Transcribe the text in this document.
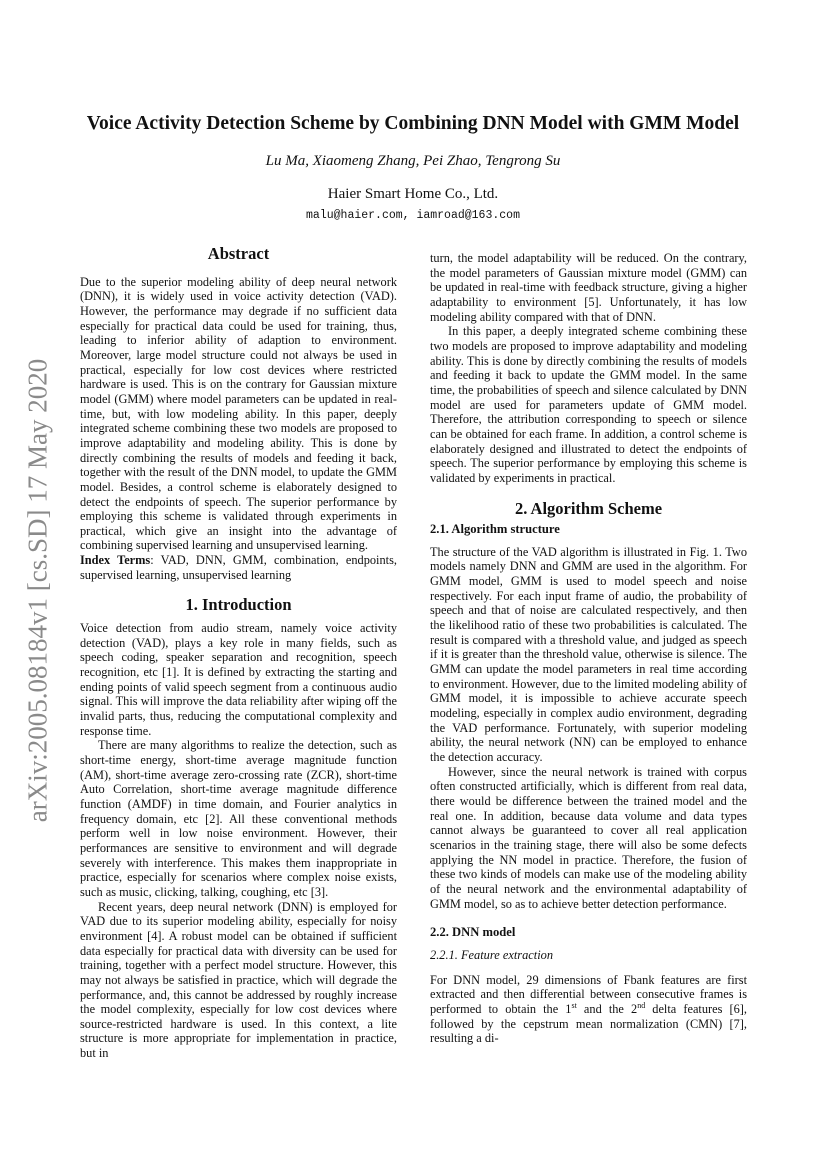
arXiv:2005.08184v1 [cs.SD] 17 May 2020
Voice Activity Detection Scheme by Combining DNN Model with GMM Model
Lu Ma, Xiaomeng Zhang, Pei Zhao, Tengrong Su
Haier Smart Home Co., Ltd.
malu@haier.com, iamroad@163.com
Abstract

Due to the superior modeling ability of deep neural network (DNN), it is widely used in voice activity detection (VAD). However, the performance may degrade if no sufficient data especially for practical data could be used for training, thus, leading to inferior ability of adaption to environment. Moreover, large model structure could not always be used in practical, especially for low cost devices where restricted hardware is used. This is on the contrary for Gaussian mixture model (GMM) where model parameters can be updated in real-time, but, with low modeling ability. In this paper, deeply integrated scheme combining these two models are proposed to improve adaptability and modeling ability. This is done by directly combining the results of models and feeding it back, together with the result of the DNN model, to update the GMM model. Besides, a control scheme is elaborately designed to detect the endpoints of speech. The superior performance by employing this scheme is validated through experiments in practical, which give an insight into the advantage of combining supervised learning and unsupervised learning.

Index Terms: VAD, DNN, GMM, combination, endpoints, supervised learning, unsupervised learning

1. Introduction

Voice detection from audio stream, namely voice activity detection (VAD), plays a key role in many fields, such as speech coding, speaker separation and recognition, speech recognition, etc [1]. It is defined by extracting the starting and ending points of valid speech segment from a continuous audio signal. This will improve the data reliability after wiping off the invalid parts, thus, reducing the computational complexity and response time.

There are many algorithms to realize the detection, such as short-time energy, short-time average magnitude function (AM), short-time average zero-crossing rate (ZCR), short-time Auto Correlation, short-time average magnitude difference function (AMDF) in time domain, and Fourier analytics in frequency domain, etc [2]. All these conventional methods perform well in low noise environment. However, their performances are sensitive to environment and will degrade severely with interference. This makes them inappropriate in practice, especially for scenarios where complex noise exists, such as music, clicking, talking, coughing, etc [3].

Recent years, deep neural network (DNN) is employed for VAD due to its superior modeling ability, especially for noisy environment [4]. A robust model can be obtained if sufficient data especially for practical data with diversity can be used for training, together with a perfect model structure. However, this may not always be satisfied in practice, which will degrade the performance, and, this cannot be addressed by roughly increase the model complexity, especially for low cost devices where source-restricted hardware is used. In this context, a lite structure is more appropriate for implementation in practice, but in

turn, the model adaptability will be reduced. On the contrary, the model parameters of Gaussian mixture model (GMM) can be updated in real-time with feedback structure, giving a higher adaptability to environment [5]. Unfortunately, it has low modeling ability compared with that of DNN.

In this paper, a deeply integrated scheme combining these two models are proposed to improve adaptability and modeling ability. This is done by directly combining the results of models and feeding it back to update the GMM model. In the same time, the probabilities of speech and silence calculated by DNN model are used for parameters update of GMM model. Therefore, the attribution corresponding to speech or silence can be obtained for each frame. In addition, a control scheme is elaborately designed and illustrated to detect the endpoints of speech. The superior performance by employing this scheme is validated by experiments in practical.

2. Algorithm Scheme
2.1. Algorithm structure

The structure of the VAD algorithm is illustrated in Fig. 1. Two models namely DNN and GMM are used in the algorithm. For GMM model, GMM is used to model speech and noise respectively. For each input frame of audio, the probability of speech and that of noise are calculated respectively, and then the likelihood ratio of these two probabilities is calculated. The result is compared with a threshold value, and judged as speech if it is greater than the threshold value, otherwise is silence. The GMM can update the model parameters in real time according to environment. However, due to the limited modeling ability of GMM model, it is impossible to achieve accurate speech modeling, especially in complex audio environment, degrading the VAD performance. Fortunately, with superior modeling ability, the neural network (NN) can be employed to enhance the detection accuracy.

However, since the neural network is trained with corpus often constructed artificially, which is different from real data, there would be difference between the trained model and the real one. In addition, because data volume and data types cannot always be guaranteed to cover all real application scenarios in the training stage, there will also be some defects applying the NN model in practice. Therefore, the fusion of these two kinds of models can make use of the modeling ability of the neural network and the environmental adaptability of GMM model, so as to achieve better detection performance.

2.2. DNN model
2.2.1. Feature extraction

For DNN model, 29 dimensions of Fbank features are first extracted and then differential between consecutive frames is performed to obtain the 1st and the 2nd delta features [6], followed by the cepstrum mean normalization (CMN) [7], resulting a di-
